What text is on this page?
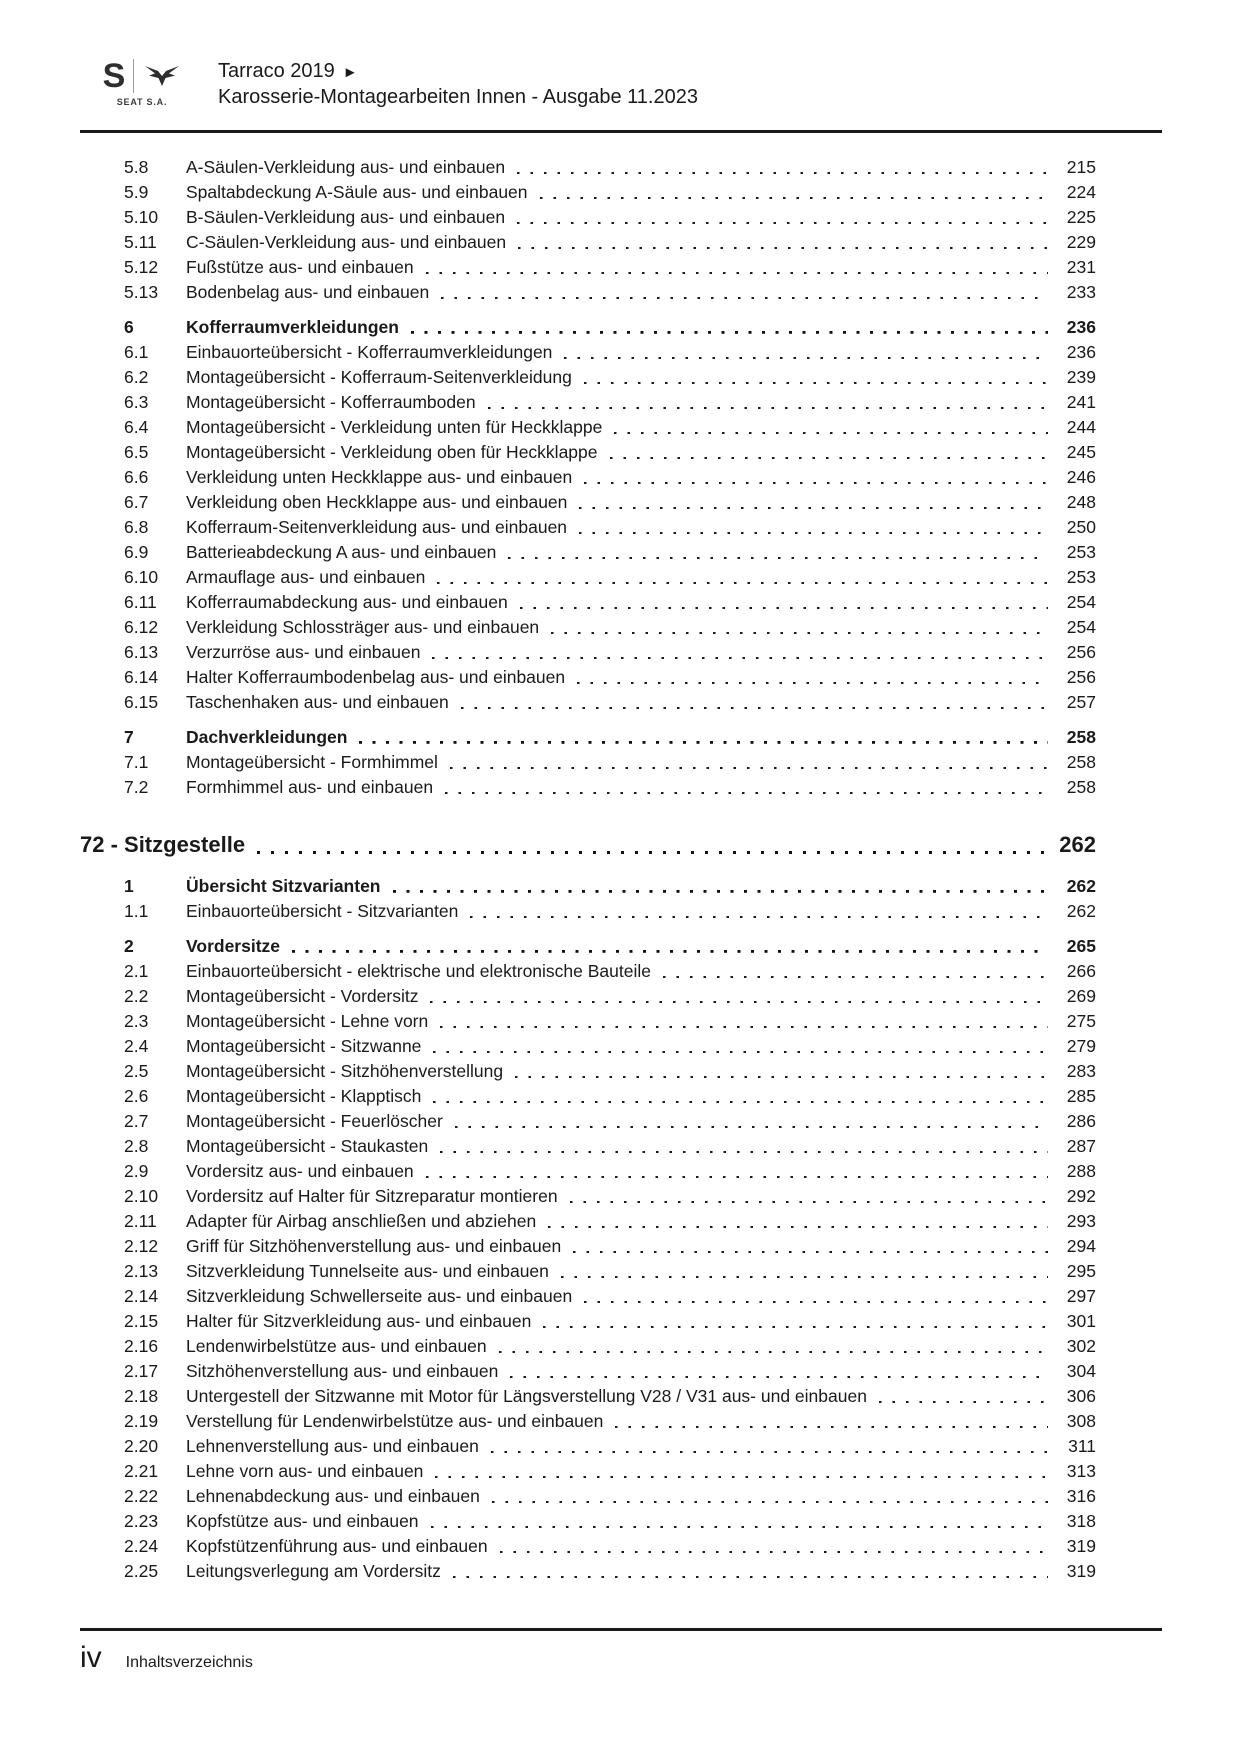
S
SEAT S.A.
Tarraco 2019 ►
Karosserie-Montagearbeiten Innen - Ausgabe 11.2023
5.8	A-Säulen-Verkleidung aus- und einbauen	215
5.9	Spaltabdeckung A-Säule aus- und einbauen	224
5.10	B-Säulen-Verkleidung aus- und einbauen	225
5.11	C-Säulen-Verkleidung aus- und einbauen	229
5.12	Fußstütze aus- und einbauen	231
5.13	Bodenbelag aus- und einbauen	233
6	Kofferraumverkleidungen	236
6.1	Einbauorteübersicht - Kofferraumverkleidungen	236
6.2	Montageübersicht - Kofferraum-Seitenverkleidung	239
6.3	Montageübersicht - Kofferraumboden	241
6.4	Montageübersicht - Verkleidung unten für Heckklappe	244
6.5	Montageübersicht - Verkleidung oben für Heckklappe	245
6.6	Verkleidung unten Heckklappe aus- und einbauen	246
6.7	Verkleidung oben Heckklappe aus- und einbauen	248
6.8	Kofferraum-Seitenverkleidung aus- und einbauen	250
6.9	Batterieabdeckung A aus- und einbauen	253
6.10	Armauflage aus- und einbauen	253
6.11	Kofferraumabdeckung aus- und einbauen	254
6.12	Verkleidung Schlossträger aus- und einbauen	254
6.13	Verzurröse aus- und einbauen	256
6.14	Halter Kofferraumbodenbelag aus- und einbauen	256
6.15	Taschenhaken aus- und einbauen	257
7	Dachverkleidungen	258
7.1	Montageübersicht - Formhimmel	258
7.2	Formhimmel aus- und einbauen	258
72 - Sitzgestelle	262
1	Übersicht Sitzvarianten	262
1.1	Einbauorteübersicht - Sitzvarianten	262
2	Vordersitze	265
2.1	Einbauorteübersicht - elektrische und elektronische Bauteile	266
2.2	Montageübersicht - Vordersitz	269
2.3	Montageübersicht - Lehne vorn	275
2.4	Montageübersicht - Sitzwanne	279
2.5	Montageübersicht - Sitzhöhenverstellung	283
2.6	Montageübersicht - Klapptisch	285
2.7	Montageübersicht - Feuerlöscher	286
2.8	Montageübersicht - Staukasten	287
2.9	Vordersitz aus- und einbauen	288
2.10	Vordersitz auf Halter für Sitzreparatur montieren	292
2.11	Adapter für Airbag anschließen und abziehen	293
2.12	Griff für Sitzhöhenverstellung aus- und einbauen	294
2.13	Sitzverkleidung Tunnelseite aus- und einbauen	295
2.14	Sitzverkleidung Schwellerseite aus- und einbauen	297
2.15	Halter für Sitzverkleidung aus- und einbauen	301
2.16	Lendenwirbelstütze aus- und einbauen	302
2.17	Sitzhöhenverstellung aus- und einbauen	304
2.18	Untergestell der Sitzwanne mit Motor für Längsverstellung V28 / V31 aus- und einbauen	306
2.19	Verstellung für Lendenwirbelstütze aus- und einbauen	308
2.20	Lehnenverstellung aus- und einbauen	311
2.21	Lehne vorn aus- und einbauen	313
2.22	Lehnenabdeckung aus- und einbauen	316
2.23	Kopfstütze aus- und einbauen	318
2.24	Kopfstützenführung aus- und einbauen	319
2.25	Leitungsverlegung am Vordersitz	319
iv Inhaltsverzeichnis
